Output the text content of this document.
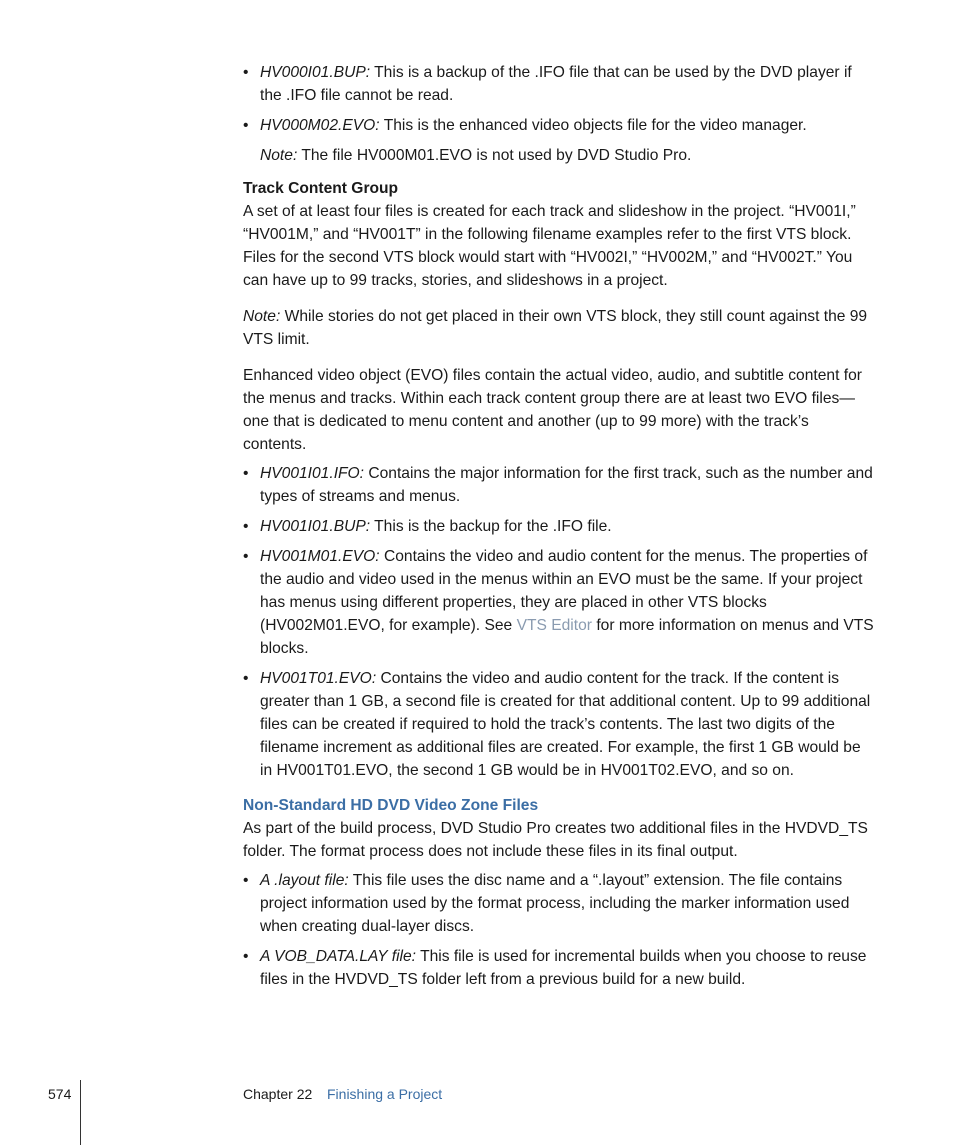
• HV000I01.BUP: This is a backup of the .IFO file that can be used by the DVD player if the .IFO file cannot be read.
• HV000M02.EVO: This is the enhanced video objects file for the video manager.

Note: The file HV000M01.EVO is not used by DVD Studio Pro.

Track Content Group

A set of at least four files is created for each track and slideshow in the project. “HV001I,” “HV001M,” and “HV001T” in the following filename examples refer to the first VTS block. Files for the second VTS block would start with “HV002I,” “HV002M,” and “HV002T.” You can have up to 99 tracks, stories, and slideshows in a project.

Note: While stories do not get placed in their own VTS block, they still count against the 99 VTS limit.

Enhanced video object (EVO) files contain the actual video, audio, and subtitle content for the menus and tracks. Within each track content group there are at least two EVO files—one that is dedicated to menu content and another (up to 99 more) with the track’s contents.

• HV001I01.IFO: Contains the major information for the first track, such as the number and types of streams and menus.
• HV001I01.BUP: This is the backup for the .IFO file.
• HV001M01.EVO: Contains the video and audio content for the menus. The properties of the audio and video used in the menus within an EVO must be the same. If your project has menus using different properties, they are placed in other VTS blocks (HV002M01.EVO, for example). See VTS Editor for more information on menus and VTS blocks.
• HV001T01.EVO: Contains the video and audio content for the track. If the content is greater than 1 GB, a second file is created for that additional content. Up to 99 additional files can be created if required to hold the track’s contents. The last two digits of the filename increment as additional files are created. For example, the first 1 GB would be in HV001T01.EVO, the second 1 GB would be in HV001T02.EVO, and so on.

Non-Standard HD DVD Video Zone Files

As part of the build process, DVD Studio Pro creates two additional files in the HVDVD_TS folder. The format process does not include these files in its final output.

• A .layout file: This file uses the disc name and a “.layout” extension. The file contains project information used by the format process, including the marker information used when creating dual-layer discs.
• A VOB_DATA.LAY file: This file is used for incremental builds when you choose to reuse files in the HVDVD_TS folder left from a previous build for a new build.
574	Chapter 22 Finishing a Project
